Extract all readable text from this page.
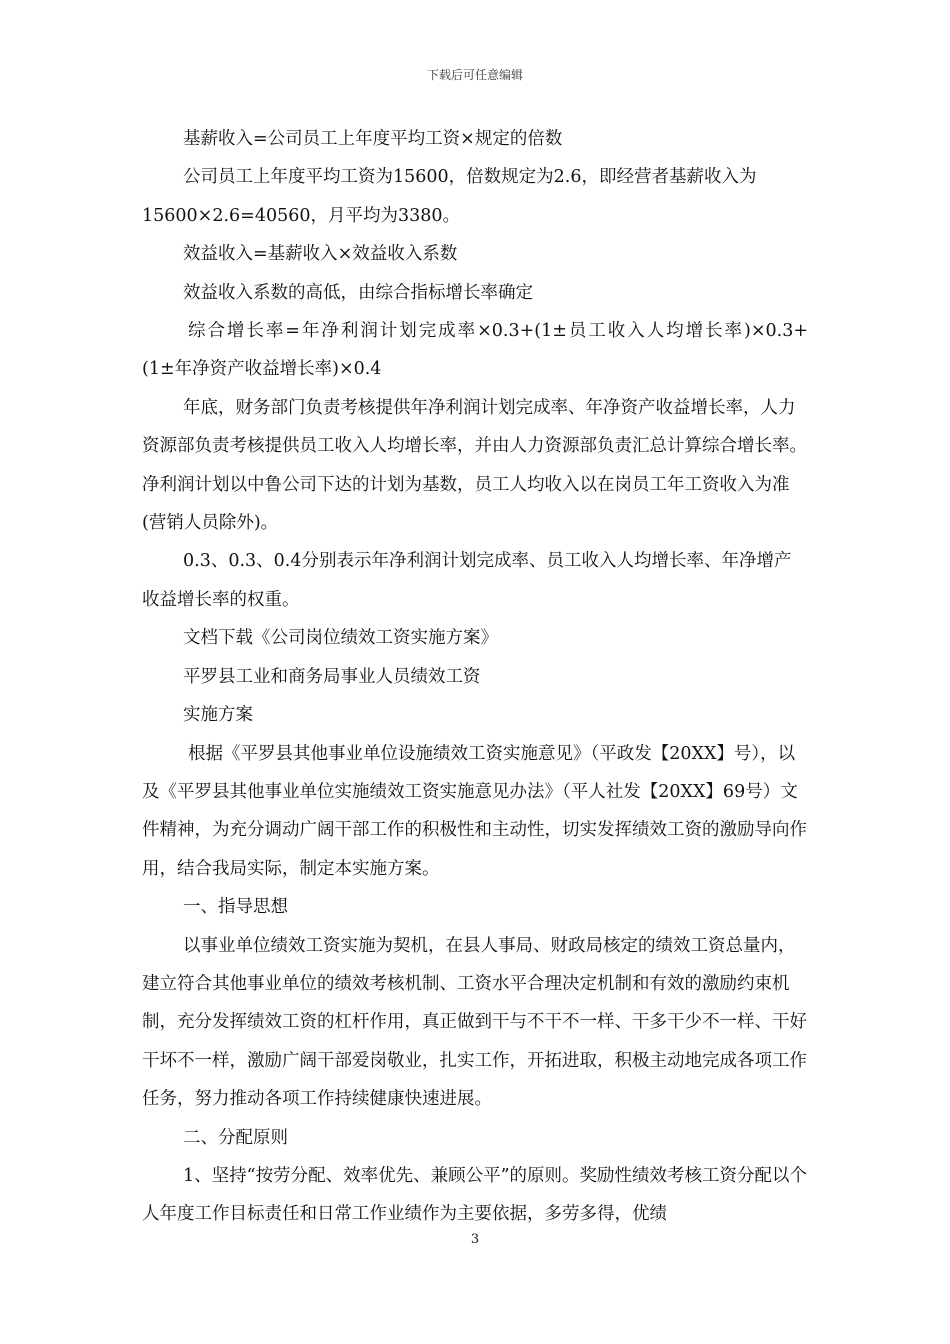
下载后可任意编辑

基薪收入=公司员工上年度平均工资×规定的倍数

公司员工上年度平均工资为15600，倍数规定为2.6，即经营者基薪收入为15600×2.6=40560，月平均为3380。

效益收入=基薪收入×效益收入系数

效益收入系数的高低，由综合指标增长率确定

综合增长率=年净利润计划完成率×0.3+(1±员工收入人均增长率)×0.3+(1±年净资产收益增长率)×0.4

年底，财务部门负责考核提供年净利润计划完成率、年净资产收益增长率，人力资源部负责考核提供员工收入人均增长率，并由人力资源部负责汇总计算综合增长率。净利润计划以中鲁公司下达的计划为基数，员工人均收入以在岗员工年工资收入为准(营销人员除外)。

0.3、0.3、0.4分别表示年净利润计划完成率、员工收入人均增长率、年净增产收益增长率的权重。

文档下载《公司岗位绩效工资实施方案》

平罗县工业和商务局事业人员绩效工资

实施方案

根据《平罗县其他事业单位设施绩效工资实施意见》（平政发【20XX】号），以及《平罗县其他事业单位实施绩效工资实施意见办法》（平人社发【20XX】69号）文件精神，为充分调动广阔干部工作的积极性和主动性，切实发挥绩效工资的激励导向作用，结合我局实际，制定本实施方案。

一、指导思想

以事业单位绩效工资实施为契机，在县人事局、财政局核定的绩效工资总量内，建立符合其他事业单位的绩效考核机制、工资水平合理决定机制和有效的激励约束机制，充分发挥绩效工资的杠杆作用，真正做到干与不干不一样、干多干少不一样、干好干坏不一样，激励广阔干部爱岗敬业，扎实工作，开拓进取，积极主动地完成各项工作任务，努力推动各项工作持续健康快速进展。

二、分配原则

1、坚持“按劳分配、效率优先、兼顾公平”的原则。奖励性绩效考核工资分配以个人年度工作目标责任和日常工作业绩作为主要依据，多劳多得，优绩

3
